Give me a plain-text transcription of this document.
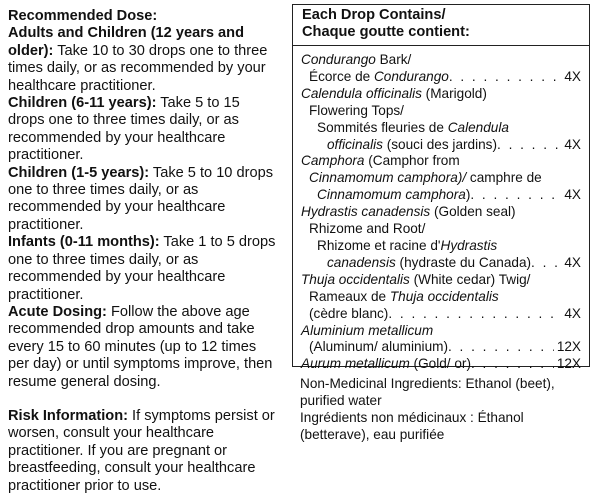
Recommended Dose:

Adults and Children (12 years and older): Take 10 to 30 drops one to three times daily, or as recommended by your healthcare practitioner.

Children (6-11 years): Take 5 to 15 drops one to three times daily, or as recommended by your healthcare practitioner.

Children (1-5 years): Take 5 to 10 drops one to three times daily, or as recommended by your healthcare practitioner.

Infants (0-11 months): Take 1 to 5 drops one to three times daily, or as recommended by your healthcare practitioner.

Acute Dosing: Follow the above age recommended drop amounts and take every 15 to 60 minutes (up to 12 times per day) or until symptoms improve, then resume general dosing.

Risk Information: If symptoms persist or worsen, consult your healthcare practitioner. If you are pregnant or breastfeeding, consult your healthcare practitioner prior to use.

Each Drop Contains/
Chaque goutte contient:
Condurango Bark/
Écorce de Condurango . . .	4X
Calendula officinalis (Marigold)
Flowering Tops/
Sommités fleuries de Calendula
officinalis (souci des jardins) . . .	4X
Camphora (Camphor from
Cinnamomum camphora)/ camphre de
Cinnamomum camphora) . . .	4X
Hydrastis canadensis (Golden seal)
Rhizome and Root/
Rhizome et racine d'Hydrastis
canadensis (hydraste du Canada) . . . 4X
Thuja occidentalis (White cedar) Twig/
Rameaux de Thuja occidentalis
(cèdre blanc) . . .	4X
Aluminium metallicum
(Aluminum/ aluminium) . . .	12X
Aurum metallicum (Gold/ or) . . .	12X

Non-Medicinal Ingredients: Ethanol (beet), purified water

Ingrédients non médicinaux : Éthanol (betterave), eau purifiée
